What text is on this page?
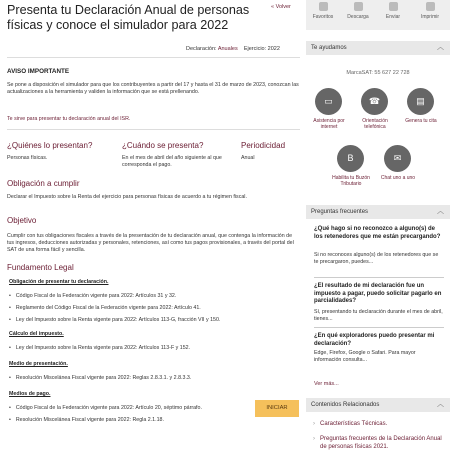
Presenta tu Declaración Anual de personas físicas y conoce el simulador para 2022
« Volver
Declaración: Anuales Ejercicio: 2022
AVISO IMPORTANTE
Se pone a disposición el simulador para que los contribuyentes a partir del 17 y hasta el 31 de marzo de 2023, conozcan las actualizaciones a la herramienta y validen la información que se está prellenando.
Te sirve para presentar tu declaración anual del ISR.
¿Quiénes lo presentan?
Personas físicas.
¿Cuándo se presenta?
En el mes de abril del año siguiente al que corresponda el pago.
Periodicidad
Anual
Obligación a cumplir
Declarar el Impuesto sobre la Renta del ejercicio para personas físicas de acuerdo a tu régimen fiscal.
Objetivo
Cumplir con tus obligaciones fiscales a través de la presentación de tu declaración anual, que contenga la información de tus ingresos, deducciones autorizadas y personales, retenciones, así como tus pagos provisionales, a través del portal del SAT de una forma fácil y sencilla.
Fundamento Legal
Obligación de presentar tu declaración.
• Código Fiscal de la Federación vigente para 2022: Artículos 31 y 32.
• Reglamento del Código Fiscal de la Federación vigente para 2022: Artículo 41.
• Ley del Impuesto sobre la Renta vigente para 2022: Artículos 113-G, fracción VII y 150.
Cálculo del impuesto.
• Ley del Impuesto sobre la Renta vigente para 2022: Artículos 113-F y 152.
Medio de presentación.
• Resolución Miscelánea Fiscal vigente para 2022: Reglas 2.8.3.1. y 2.8.3.3.
Medios de pago.
• Código Fiscal de la Federación vigente para 2022: Artículo 20, séptimo párrafo.
• Resolución Miscelánea Fiscal vigente para 2022: Regla 2.1.18.
INICIAR
Favoritos	Descarga	Enviar	Imprimir
Te ayudamos	︿
MarcaSAT: 55 627 22 728
▭
Asistencia por internet
☎
Orientación telefónica
▤
Genera tu cita
B
Habilita tu Buzón Tributario
✉
Chat uno a uno
Preguntas frecuentes	︿
¿Qué hago si no reconozco a alguno(s) de los retenedores que me están precargando?
Si no reconoces alguno(s) de los retenedores que se te precargaron, puedes...
¿El resultado de mi declaración fue un impuesto a pagar, puedo solicitar pagarlo en parcialidades?
Sí, presentando tu declaración durante el mes de abril, tienes...
¿En qué exploradores puedo presentar mi declaración?
Edge, Firefox, Google o Safari. Para mayor información consulta...
Ver más...
Contenidos Relacionados	︿
› Características Técnicas.
› Preguntas frecuentes de la Declaración Anual de personas físicas 2021.
